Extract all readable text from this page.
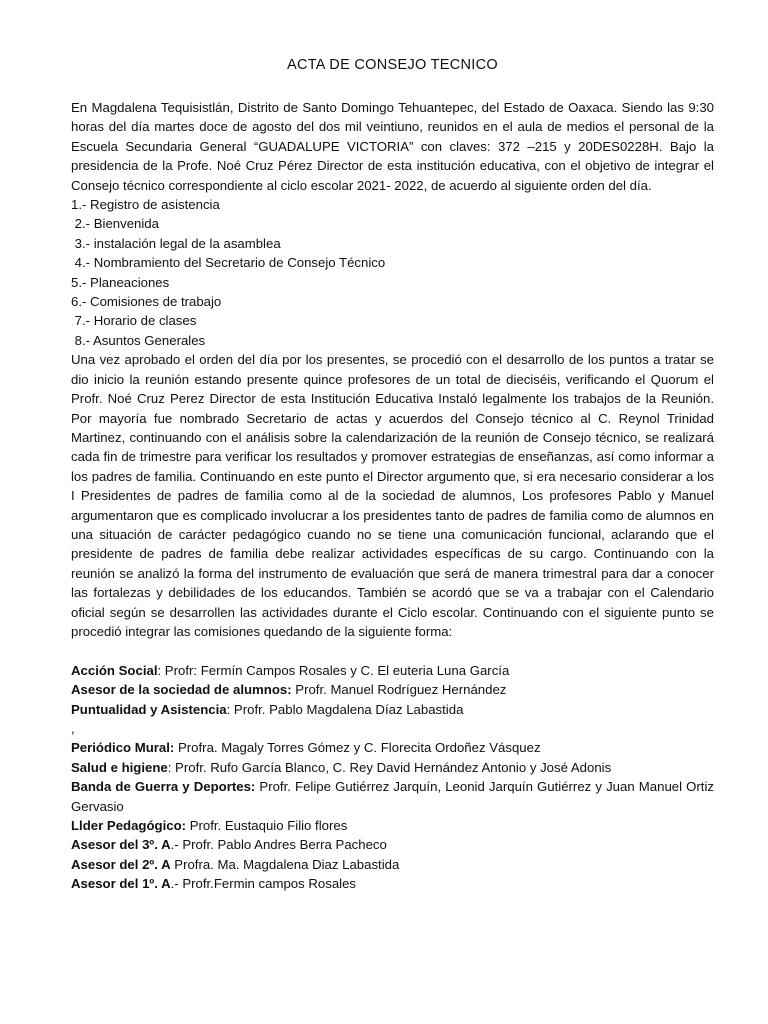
ACTA DE CONSEJO TECNICO

En Magdalena Tequisistlán, Distrito de Santo Domingo Tehuantepec, del Estado de Oaxaca. Siendo las 9:30 horas del día martes doce de agosto del dos mil veintiuno, reunidos en el aula de medios el personal de la Escuela Secundaria General “GUADALUPE VICTORIA” con claves: 372 –215 y 20DES0228H. Bajo la presidencia de la Profe. Noé Cruz Pérez Director de esta institución educativa, con el objetivo de integrar el Consejo técnico correspondiente al ciclo escolar 2021- 2022, de acuerdo al siguiente orden del día.

1.- Registro de asistencia

2.- Bienvenida

3.- instalación legal de la asamblea

4.- Nombramiento del Secretario de Consejo Técnico

5.- Planeaciones

6.- Comisiones de trabajo

7.- Horario de clases

8.- Asuntos Generales

Una vez aprobado el orden del día por los presentes, se procedió con el desarrollo de los puntos a tratar se dio inicio la reunión estando presente quince profesores de un total de dieciséis, verificando el Quorum el Profr. Noé Cruz Perez Director de esta Institución Educativa Instaló legalmente los trabajos de la Reunión. Por mayoría fue nombrado Secretario de actas y acuerdos del Consejo técnico al C. Reynol Trinidad Martinez, continuando con el análisis sobre la calendarización de la reunión de Consejo técnico, se realizará cada fin de trimestre para verificar los resultados y promover estrategias de enseñanzas, así como informar a los padres de familia. Continuando en este punto el Director argumento que, si era necesario considerar a los I Presidentes de padres de familia como al de la sociedad de alumnos, Los profesores Pablo y Manuel argumentaron que es complicado involucrar a los presidentes tanto de padres de familia como de alumnos en una situación de carácter pedagógico cuando no se tiene una comunicación funcional, aclarando que el presidente de padres de familia debe realizar actividades específicas de su cargo. Continuando con la reunión se analizó la forma del instrumento de evaluación que será de manera trimestral para dar a conocer las fortalezas y debilidades de los educandos. También se acordó que se va a trabajar con el Calendario oficial según se desarrollen las actividades durante el Ciclo escolar. Continuando con el siguiente punto se procedió integrar las comisiones quedando de la siguiente forma:

Acción Social: Profr: Fermín Campos Rosales y C. El euteria Luna García

Asesor de la sociedad de alumnos: Profr. Manuel Rodríguez Hernández

Puntualidad y Asistencia: Profr. Pablo Magdalena Díaz Labastida

,

Periódico Mural: Profra. Magaly Torres Gómez y C. Florecita Ordoñez Vásquez

Salud e higiene: Profr. Rufo García Blanco, C. Rey David Hernández Antonio y José Adonis

Banda de Guerra y Deportes: Profr. Felipe Gutiérrez Jarquín, Leonid Jarquín Gutiérrez y Juan Manuel Ortiz Gervasio

Llder Pedagógico: Profr. Eustaquio Filio flores

Asesor del 3º. A.- Profr. Pablo Andres Berra Pacheco

Asesor del 2º. A Profra. Ma. Magdalena Diaz Labastida

Asesor del 1º. A.- Profr.Fermin campos Rosales
